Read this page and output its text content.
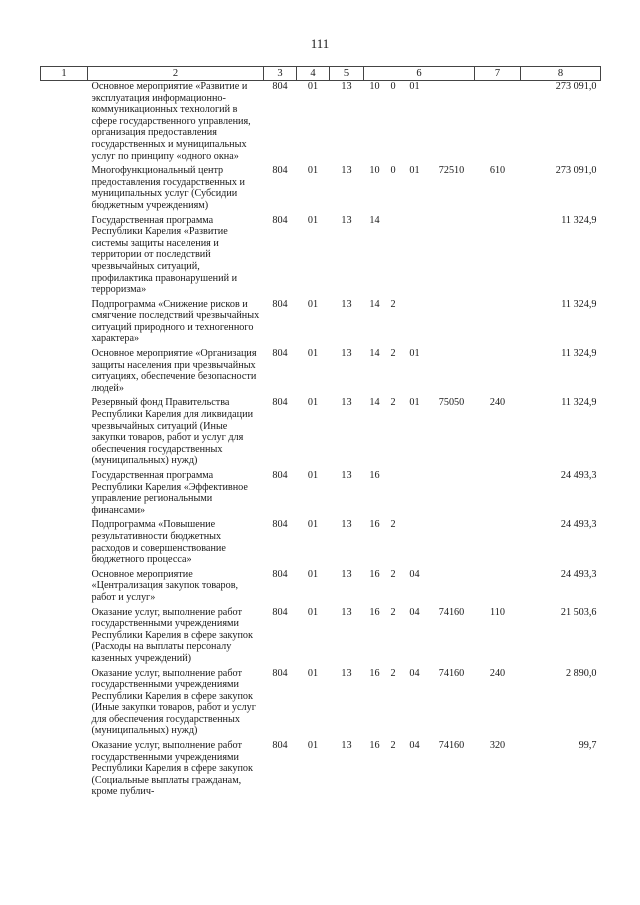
111
1	2	3	4	5	6				7	8
	Основное мероприятие «Развитие и эксплуатация информационно-коммуникационных технологий в сфере государственного управления, организация предоставления государственных и муниципальных услуг по принципу «одного окна»	804	01	13	10	0	01			273 091,0
	Многофункциональный центр предоставления государственных и муниципальных услуг (Субсидии бюджетным учреждениям)	804	01	13	10	0	01	72510	610	273 091,0
	Государственная программа Республики Карелия «Развитие системы защиты населения и территории от последствий чрезвычайных ситуаций, профилактика правонарушений и терроризма»	804	01	13	14					11 324,9
	Подпрограмма «Снижение рисков и смягчение последствий чрезвычайных ситуаций природного и техногенного характера»	804	01	13	14	2				11 324,9
	Основное мероприятие «Организация защиты населения при чрезвычайных ситуациях, обеспечение безопасности людей»	804	01	13	14	2	01			11 324,9
	Резервный фонд Правительства Республики Карелия для ликвидации чрезвычайных ситуаций (Иные закупки товаров, работ и услуг для обеспечения государственных (муниципальных) нужд)	804	01	13	14	2	01	75050	240	11 324,9
	Государственная программа Республики Карелия «Эффективное управление региональными финансами»	804	01	13	16					24 493,3
	Подпрограмма «Повышение результативности бюджетных расходов и совершенствование бюджетного процесса»	804	01	13	16	2				24 493,3
	Основное мероприятие «Централизация закупок товаров, работ и услуг»	804	01	13	16	2	04			24 493,3
	Оказание услуг, выполнение работ государственными учреждениями Республики Карелия в сфере закупок (Расходы на выплаты персоналу казенных учреждений)	804	01	13	16	2	04	74160	110	21 503,6
	Оказание услуг, выполнение работ государственными учреждениями Республики Карелия в сфере закупок (Иные закупки товаров, работ и услуг для обеспечения государственных (муниципальных) нужд)	804	01	13	16	2	04	74160	240	2 890,0
	Оказание услуг, выполнение работ государственными учреждениями Республики Карелия в сфере закупок (Социальные выплаты гражданам, кроме публич-	804	01	13	16	2	04	74160	320	99,7
